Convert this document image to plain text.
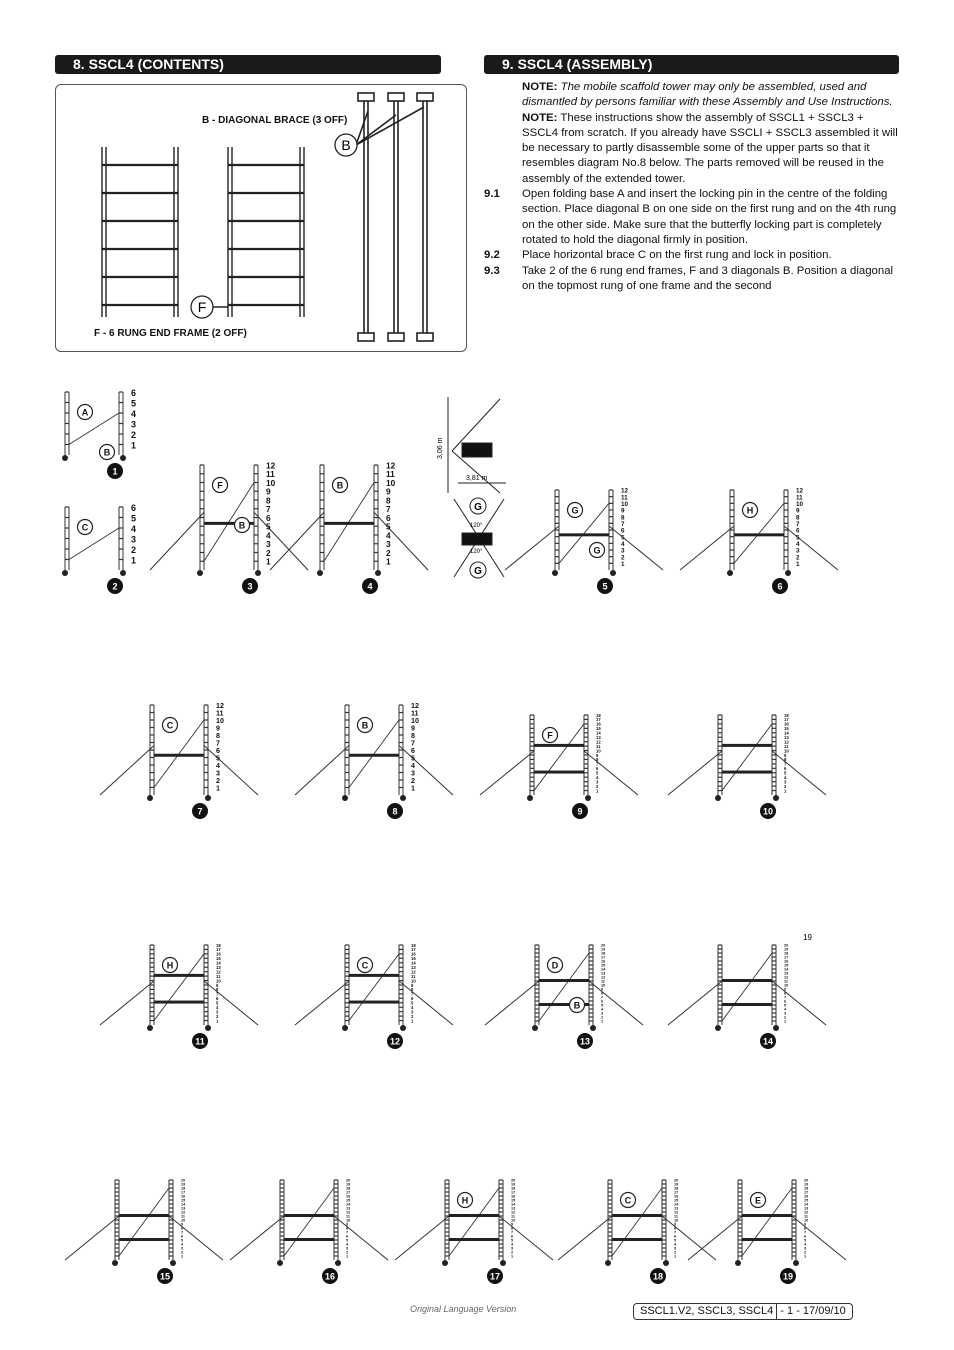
8. SSCL4 (CONTENTS)	9. SSCL4 (ASSEMBLY)
B
F
B - DIAGONAL BRACE (3 OFF)
F - 6 RUNG END FRAME (2 OFF)

NOTE: The mobile scaffold tower may only be assembled, used and dismantled by persons familiar with these Assembly and Use Instructions.

NOTE: These instructions show the assembly of SSCL1 + SSCL3 + SSCL4 from scratch. If you already have SSCLI + SSCL3 assembled it will be necessary to partly disassemble some of the upper parts so that it resembles diagram No.8 below. The parts removed will be reused in the assembly of the extended tower.

9.1	Open folding base A and insert the locking pin in the centre of the folding section. Place diagonal B on one side on the first rung and on the 4th rung on the other side. Make sure that the butterfly locking part is completely rotated to hold the diagonal firmly in position.
9.2	Place horizontal brace C on the first rung and lock in position.
9.3	Take 2 of the 6 rung end frames, F and 3 diagonals B. Position a diagonal on the topmost rung of one frame and the second
3,06 m
3,81 m
120°
120°
G
G
19
1
2
3
4
5
6
A
B
1
1
2
3
4
5
6
C
2
1
2
3
4
5
6
7
8
9
10
11
12
F
B
3
1
2
3
4
5
6
7
8
9
10
11
12
B
4
1
2
3
4
5
6
7
8
9
10
11
12
G
G
5
1
2
3
4
5
6
7
8
9
10
11
12
H
6
1
2
3
4
5
6
7
8
9
10
11
12
C
7
1
2
3
4
5
6
7
8
9
10
11
12
B
8
1
2
3
4
5
6
7
8
9
10
11
12
13
14
15
16
17
18
F
9
1
2
3
4
5
6
7
8
9
10
11
12
13
14
15
16
17
18
10
1
2
3
4
5
6
7
8
9
10
11
12
13
14
15
16
17
18
H
11
1
2
3
4
5
6
7
8
9
10
11
12
13
14
15
16
17
18
C
12
1
2
3
4
5
6
7
8
9
10
11
12
13
14
15
16
17
18
19
20
D
B
13
1
2
3
4
5
6
7
8
9
10
11
12
13
14
15
16
17
18
19
20
14
1
2
3
4
5
6
7
8
9
10
11
12
13
14
15
16
17
18
19
20
15
1
2
3
4
5
6
7
8
9
10
11
12
13
14
15
16
17
18
19
20
16
1
2
3
4
5
6
7
8
9
10
11
12
13
14
15
16
17
18
19
20
H
17
1
2
3
4
5
6
7
8
9
10
11
12
13
14
15
16
17
18
19
20
C
18
1
2
3
4
5
6
7
8
9
10
11
12
13
14
15
16
17
18
19
20
E
19
Original Language Version	SSCL1.V2, SSCL3, SSCL4 - 1 - 17/09/10
